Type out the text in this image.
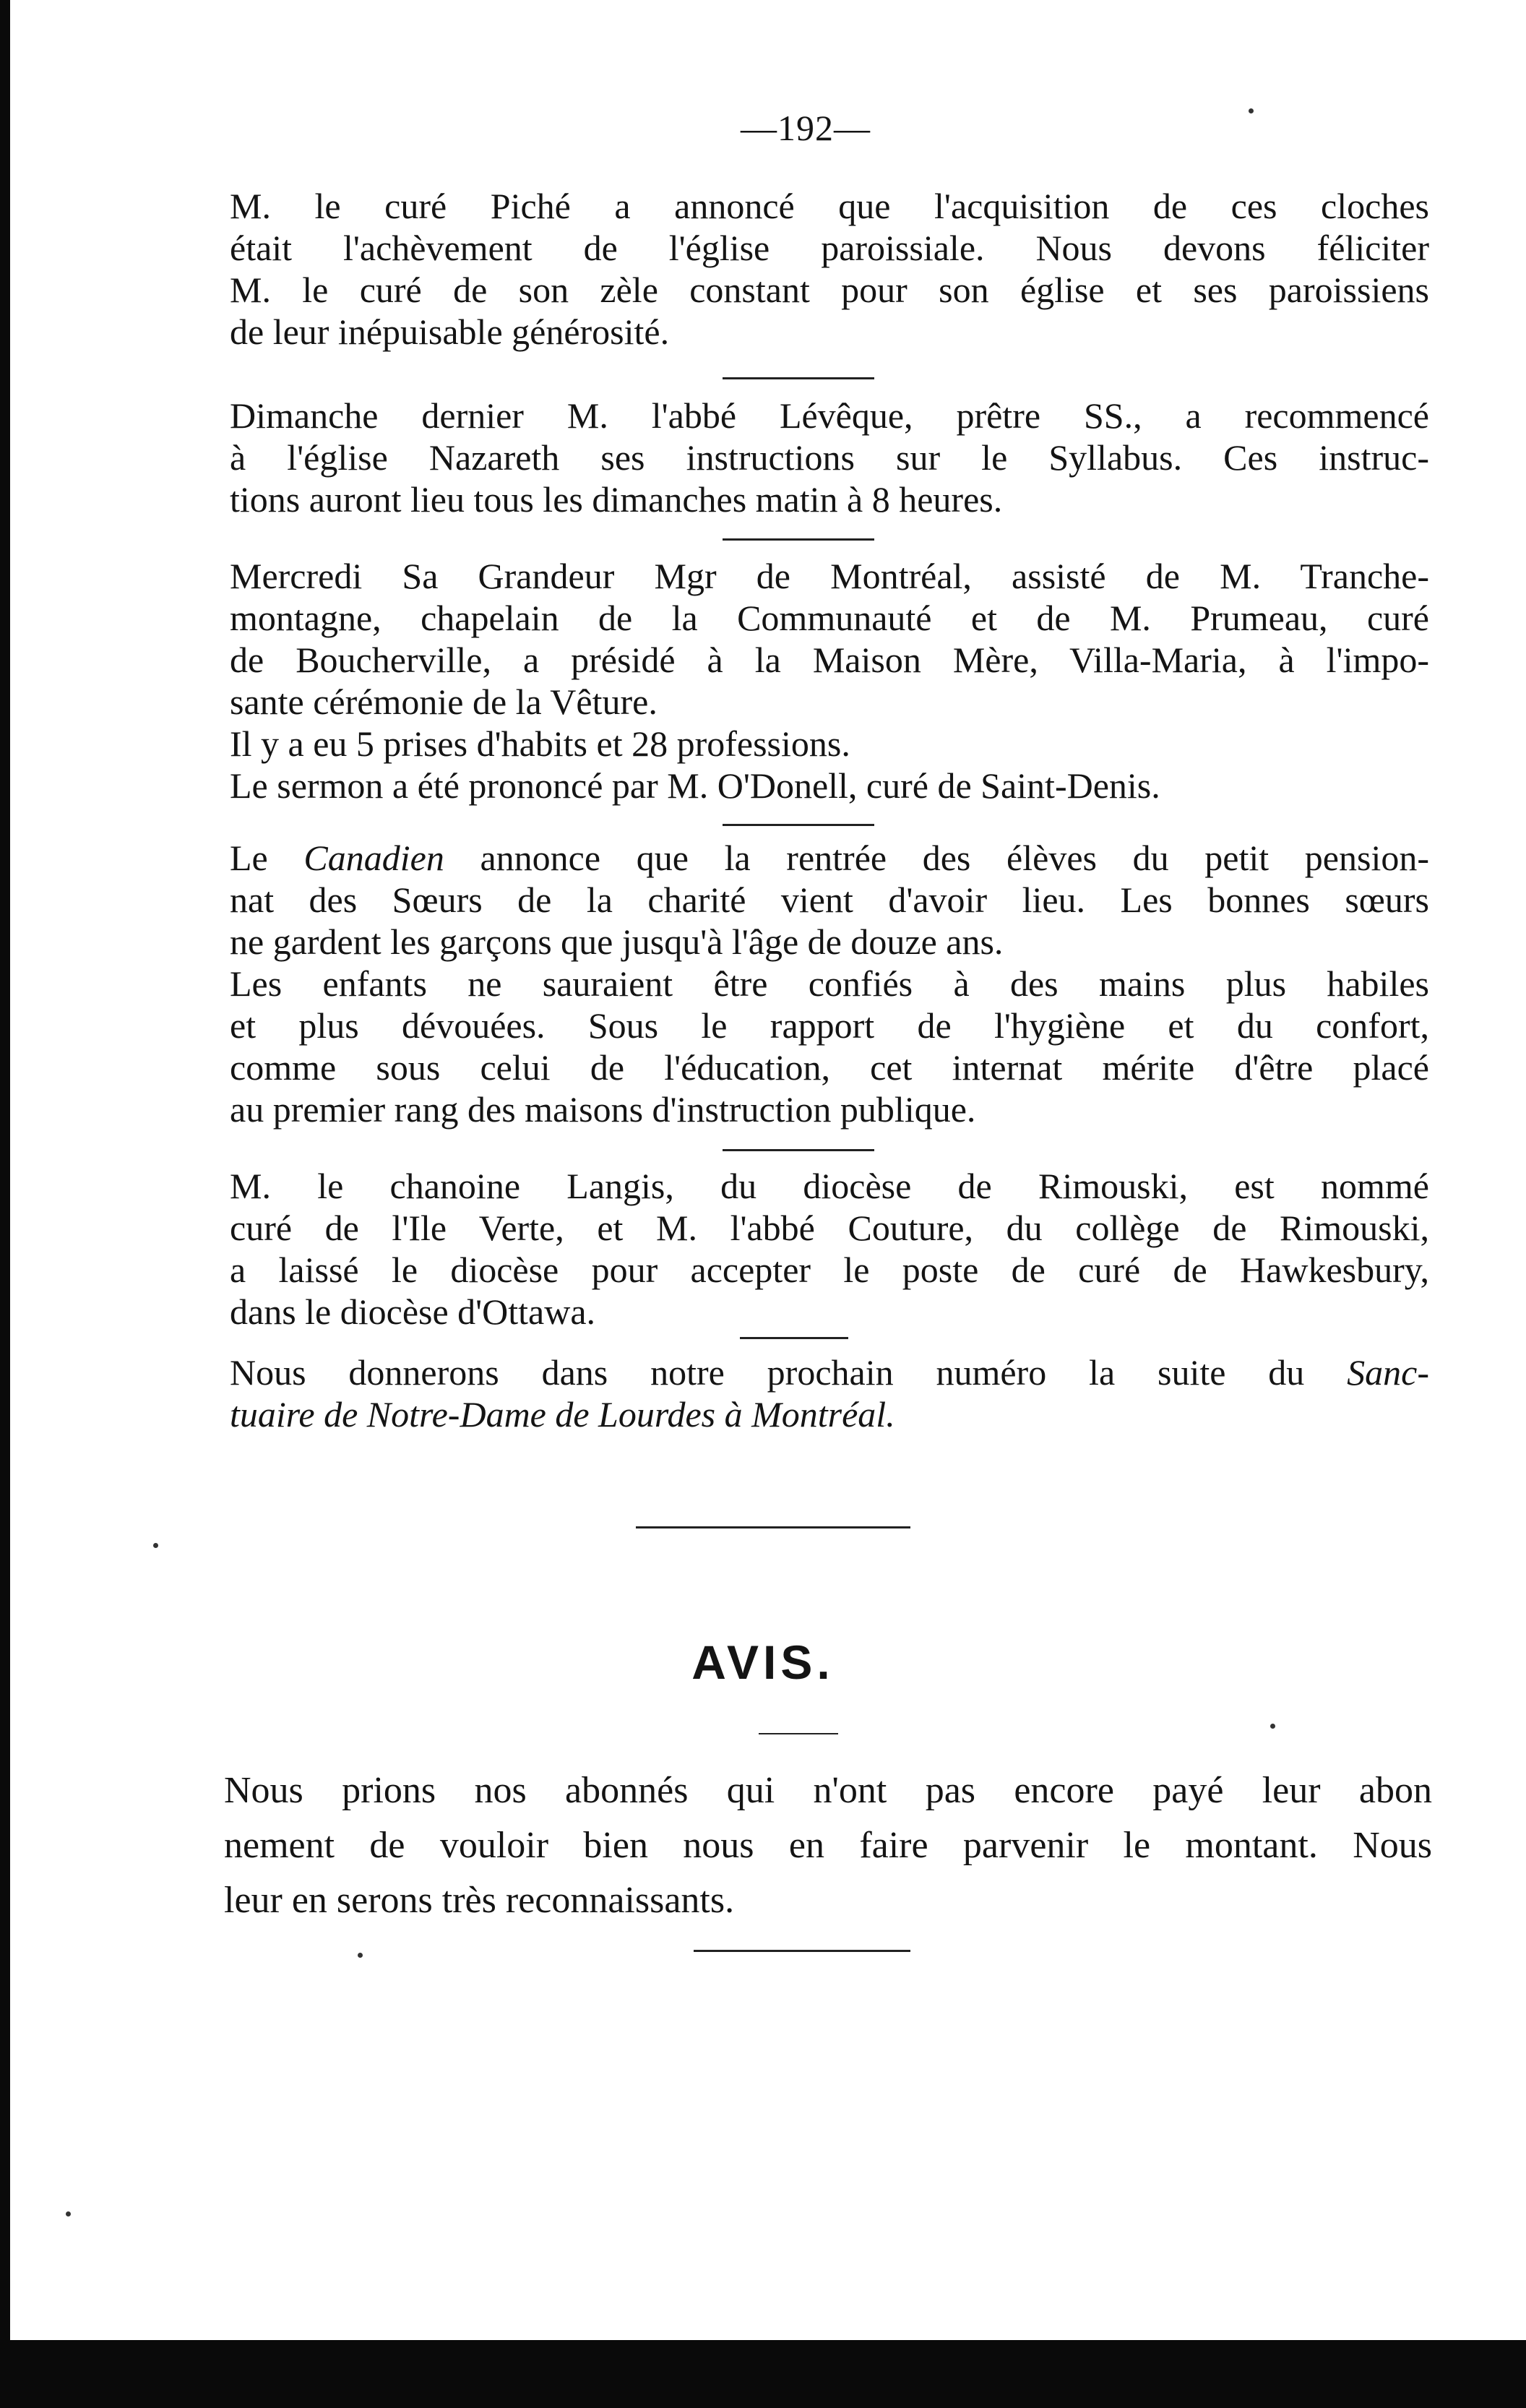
—192—
M. le curé Piché a annoncé que l'acquisition de ces cloches
était l'achèvement de l'église paroissiale. Nous devons féliciter
M. le curé de son zèle constant pour son église et ses paroissiens
de leur inépuisable générosité.
Dimanche dernier M. l'abbé Lévêque, prêtre SS., a recommencé
à l'église Nazareth ses instructions sur le Syllabus. Ces instruc-
tions auront lieu tous les dimanches matin à 8 heures.
Mercredi Sa Grandeur Mgr de Montréal, assisté de M. Tranche-
montagne, chapelain de la Communauté et de M. Prumeau, curé
de Boucherville, a présidé à la Maison Mère, Villa-Maria, à l'impo-
sante cérémonie de la Vêture.
Il y a eu 5 prises d'habits et 28 professions.
Le sermon a été prononcé par M. O'Donell, curé de Saint-Denis.
Le Canadien annonce que la rentrée des élèves du petit pension-
nat des Sœurs de la charité vient d'avoir lieu. Les bonnes sœurs
ne gardent les garçons que jusqu'à l'âge de douze ans.
Les enfants ne sauraient être confiés à des mains plus habiles
et plus dévouées. Sous le rapport de l'hygiène et du confort,
comme sous celui de l'éducation, cet internat mérite d'être placé
au premier rang des maisons d'instruction publique.
M. le chanoine Langis, du diocèse de Rimouski, est nommé
curé de l'Ile Verte, et M. l'abbé Couture, du collège de Rimouski,
a laissé le diocèse pour accepter le poste de curé de Hawkesbury,
dans le diocèse d'Ottawa.
Nous donnerons dans notre prochain numéro la suite du Sanc-
tuaire de Notre-Dame de Lourdes à Montréal.
AVIS.
Nous prions nos abonnés qui n'ont pas encore payé leur abon
nement de vouloir bien nous en faire parvenir le montant. Nous
leur en serons très reconnaissants.
